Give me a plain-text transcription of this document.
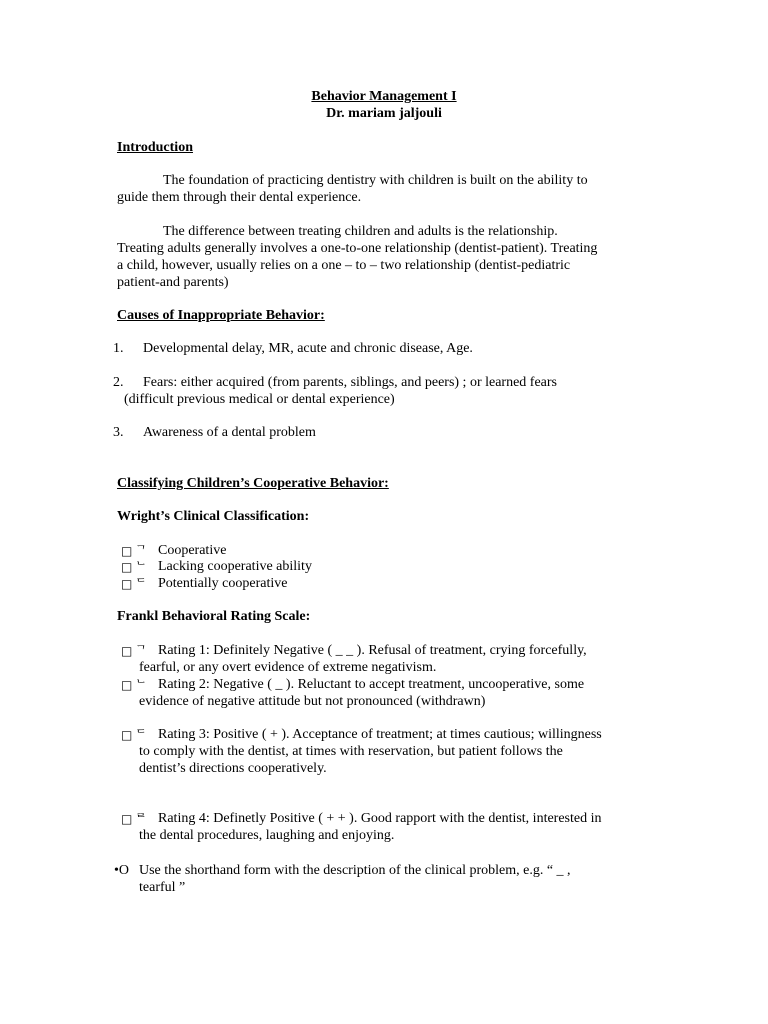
Behavior Management I
Dr. mariam jaljouli
Introduction
The foundation of practicing dentistry with children is built on the ability to
guide them through their dental experience.
The difference between treating children and adults is the relationship.
Treating adults generally involves a one-to-one relationship (dentist-patient). Treating
a child, however, usually relies on a one – to – two relationship (dentist-pediatric
patient-and parents)
Causes of Inappropriate Behavior:
1. Developmental delay, MR, acute and chronic disease, Age.
2. Fears: either acquired (from parents, siblings, and peers) ; or learned fears
(difficult previous medical or dental experience)
3. Awareness of a dental problem
Classifying Children’s Cooperative Behavior:
Wright’s Clinical Classification:
□ ᄀ Cooperative
□ ᄂ Lacking cooperative ability
□ ᄃ Potentially cooperative
Frankl Behavioral Rating Scale:
□ ᄀ Rating 1: Definitely Negative ( _ _ ). Refusal of treatment, crying forcefully,
fearful, or any overt evidence of extreme negativism.
□ ᄂ Rating 2: Negative ( _ ). Reluctant to accept treatment, uncooperative, some
evidence of negative attitude but not pronounced (withdrawn)
□ ᄃ Rating 3: Positive ( + ). Acceptance of treatment; at times cautious; willingness
to comply with the dentist, at times with reservation, but patient follows the
dentist’s directions cooperatively.
□ ᄅ Rating 4: Definetly Positive ( + + ). Good rapport with the dentist, interested in
the dental procedures, laughing and enjoying.
•O Use the shorthand form with the description of the clinical problem, e.g. “ _ ,
tearful ”
